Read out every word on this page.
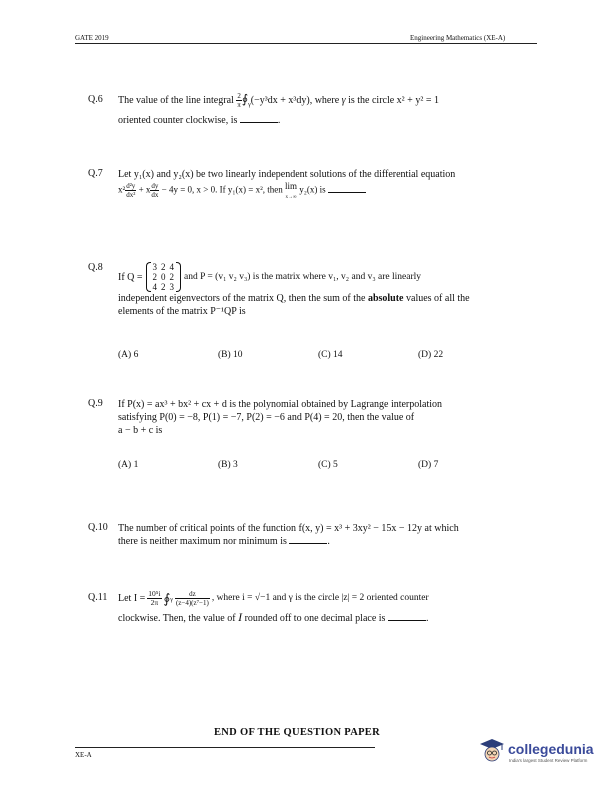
GATE 2019	Engineering Mathematics (XE-A)
Q.6 The value of the line integral $\frac{2}{\pi}$ $∮_\gamma(-y^3dx + x^3dy)$, where γ is the circle x² + y² = 1
oriented counter clockwise, is	.
Q.7 Let y₁(x) and y₂(x) be two linearly independent solutions of the differential equation
$x^2 \frac{\text{d²y}}{\text{dx²}} + x \frac{dy}{dx} - 4y = 0$, x > 0. If y₁(x) = x², then lim
x→∞ y₂(x) is
Q.8
If Q =
3	2	4
2	0	2
4	2	3
and P = (v₁ v₂ v₃) is the matrix where v₁, v₂ and v₃ are linearly
independent eigenvectors of the matrix Q, then the sum of the absolute values of all the
elements of the matrix P⁻¹QP is
(A) 6	(B) 10	(C) 14	(D) 22
Q.9 If P(x) = ax³ + bx² + cx + d is the polynomial obtained by Lagrange interpolation
satisfying P(0) = −8, P(1) = −7, P(2) = −6 and P(4) = 20, then the value of
a − b + c is
(A) 1	(B) 3	(C) 5	(D) 7
Q.10 The number of critical points of the function f(x, y) = x³ + 3xy² − 15x − 12y at which
there is neither maximum nor minimum is	.
Q.11 Let $I = \frac{\text{10⁵i}}{2\pi}$ $∮_\gamma \frac{dz}{\text{(z−4)(z⁷−1)}}$ , where i = √−1 and γ is the circle |z| = 2 oriented counter
clockwise. Then, the value of I rounded off to one decimal place is	.
END OF THE QUESTION PAPER
XE-A	collegedunia
India's largest Student Review Platform
